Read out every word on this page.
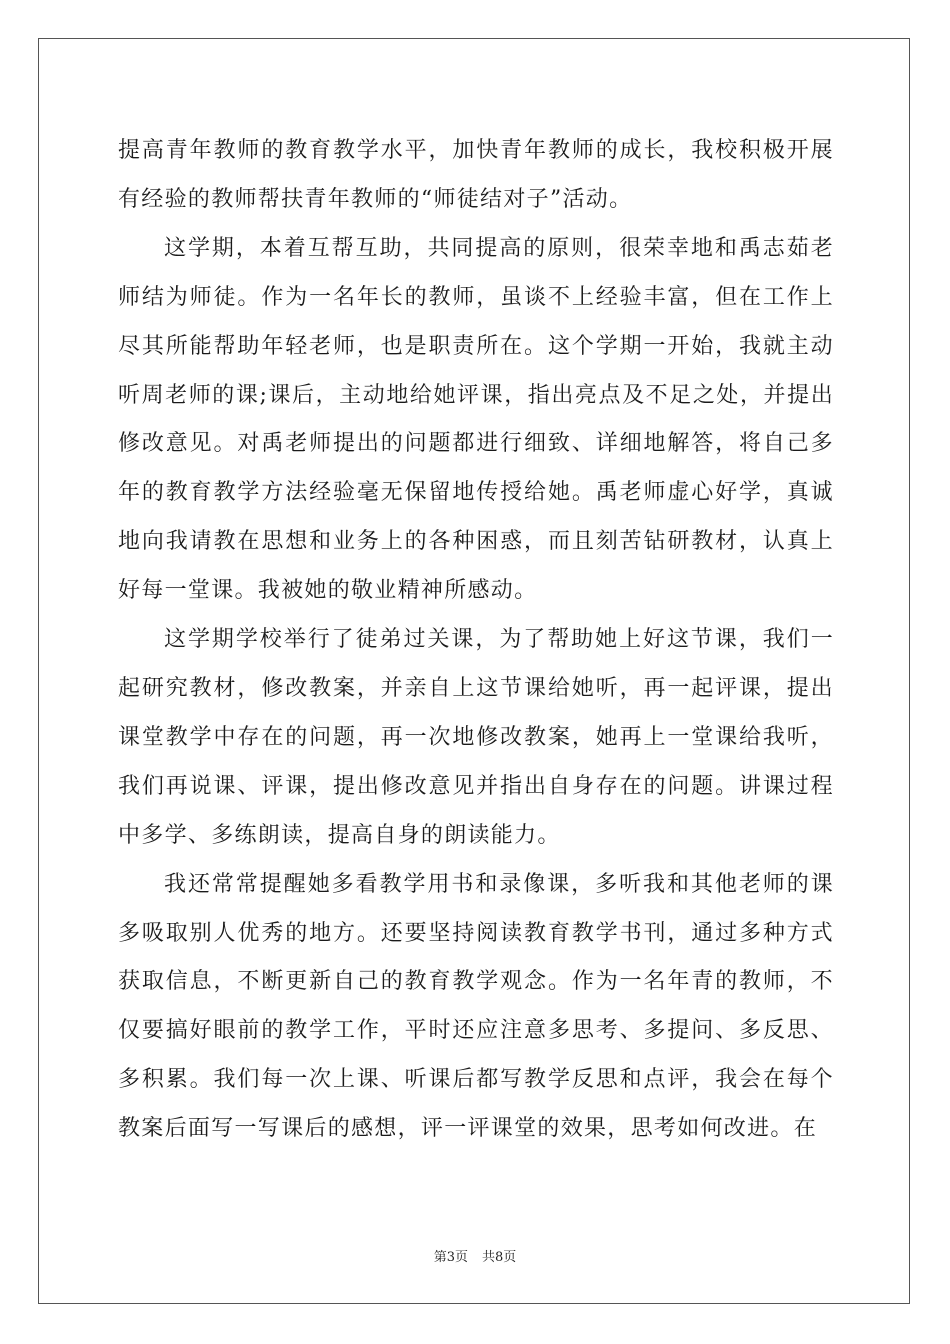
提高青年教师的教育教学水平，加快青年教师的成长，我校积极开展有经验的教师帮扶青年教师的“师徒结对子”活动。

这学期，本着互帮互助，共同提高的原则，很荣幸地和禹志茹老师结为师徒。作为一名年长的教师，虽谈不上经验丰富，但在工作上尽其所能帮助年轻老师，也是职责所在。这个学期一开始，我就主动听周老师的课;课后，主动地给她评课，指出亮点及不足之处，并提出修改意见。对禹老师提出的问题都进行细致、详细地解答，将自己多年的教育教学方法经验毫无保留地传授给她。禹老师虚心好学，真诚地向我请教在思想和业务上的各种困惑，而且刻苦钻研教材，认真上好每一堂课。我被她的敬业精神所感动。

这学期学校举行了徒弟过关课，为了帮助她上好这节课，我们一起研究教材，修改教案，并亲自上这节课给她听，再一起评课，提出课堂教学中存在的问题，再一次地修改教案，她再上一堂课给我听，我们再说课、评课，提出修改意见并指出自身存在的问题。讲课过程中多学、多练朗读，提高自身的朗读能力。

我还常常提醒她多看教学用书和录像课，多听我和其他老师的课多吸取别人优秀的地方。还要坚持阅读教育教学书刊，通过多种方式获取信息，不断更新自己的教育教学观念。作为一名年青的教师，不仅要搞好眼前的教学工作，平时还应注意多思考、多提问、多反思、多积累。我们每一次上课、听课后都写教学反思和点评，我会在每个教案后面写一写课后的感想，评一评课堂的效果，思考如何改进。在

第3页 共8页
